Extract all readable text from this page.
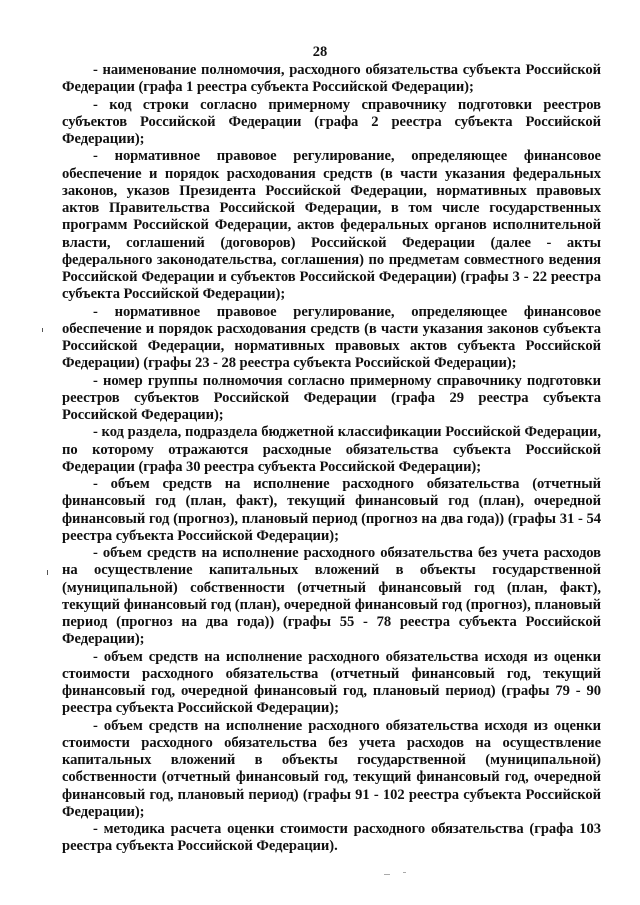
28

- наименование полномочия, расходного обязательства субъекта Российской Федерации (графа 1 реестра субъекта Российской Федерации);

- код строки согласно примерному справочнику подготовки реестров субъектов Российской Федерации (графа 2 реестра субъекта Российской Федерации);

- нормативное правовое регулирование, определяющее финансовое обеспечение и порядок расходования средств (в части указания федеральных законов, указов Президента Российской Федерации, нормативных правовых актов Правительства Российской Федерации, в том числе государственных программ Российской Федерации, актов федеральных органов исполнительной власти, соглашений (договоров) Российской Федерации (далее - акты федерального законодательства, соглашения) по предметам совместного ведения Российской Федерации и субъектов Российской Федерации) (графы 3 - 22 реестра субъекта Российской Федерации);

- нормативное правовое регулирование, определяющее финансовое обеспечение и порядок расходования средств (в части указания законов субъекта Российской Федерации, нормативных правовых актов субъекта Российской Федерации) (графы 23 - 28 реестра субъекта Российской Федерации);

- номер группы полномочия согласно примерному справочнику подготовки реестров субъектов Российской Федерации (графа 29 реестра субъекта Российской Федерации);

- код раздела, подраздела бюджетной классификации Российской Федерации, по которому отражаются расходные обязательства субъекта Российской Федерации (графа 30 реестра субъекта Российской Федерации);

- объем средств на исполнение расходного обязательства (отчетный финансовый год (план, факт), текущий финансовый год (план), очередной финансовый год (прогноз), плановый период (прогноз на два года)) (графы 31 - 54 реестра субъекта Российской Федерации);

- объем средств на исполнение расходного обязательства без учета расходов на осуществление капитальных вложений в объекты государственной (муниципальной) собственности (отчетный финансовый год (план, факт), текущий финансовый год (план), очередной финансовый год (прогноз), плановый период (прогноз на два года)) (графы 55 - 78 реестра субъекта Российской Федерации);

- объем средств на исполнение расходного обязательства исходя из оценки стоимости расходного обязательства (отчетный финансовый год, текущий финансовый год, очередной финансовый год, плановый период) (графы 79 - 90 реестра субъекта Российской Федерации);

- объем средств на исполнение расходного обязательства исходя из оценки стоимости расходного обязательства без учета расходов на осуществление капитальных вложений в объекты государственной (муниципальной) собственности (отчетный финансовый год, текущий финансовый год, очередной финансовый год, плановый период) (графы 91 - 102 реестра субъекта Российской Федерации);

- методика расчета оценки стоимости расходного обязательства (графа 103 реестра субъекта Российской Федерации).
